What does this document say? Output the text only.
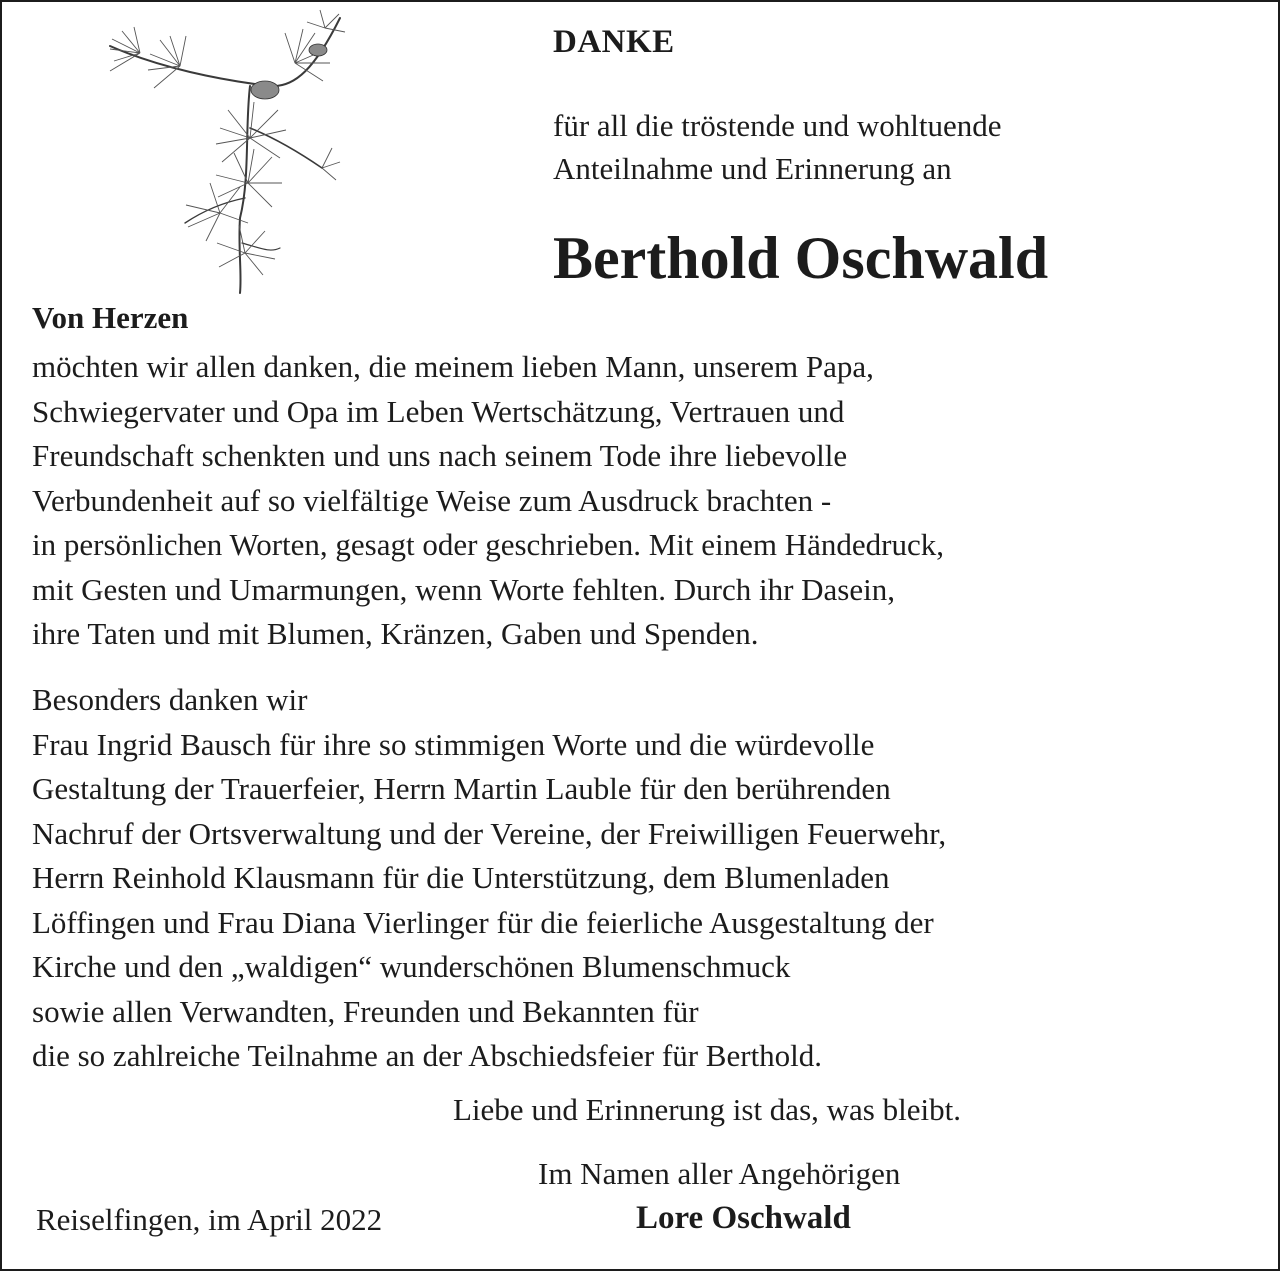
DANKE
für all die tröstende und wohltuende
Anteilnahme und Erinnerung an
Berthold Oschwald

Von Herzen

möchten wir allen danken, die meinem lieben Mann, unserem Papa,
Schwiegervater und Opa im Leben Wertschätzung, Vertrauen und
Freundschaft schenkten und uns nach seinem Tode ihre liebevolle
Verbundenheit auf so vielfältige Weise zum Ausdruck brachten -
in persönlichen Worten, gesagt oder geschrieben. Mit einem Händedruck,
mit Gesten und Umarmungen, wenn Worte fehlten. Durch ihr Dasein,
ihre Taten und mit Blumen, Kränzen, Gaben und Spenden.
Besonders danken wir
Frau Ingrid Bausch für ihre so stimmigen Worte und die würdevolle
Gestaltung der Trauerfeier, Herrn Martin Lauble für den berührenden
Nachruf der Ortsverwaltung und der Vereine, der Freiwilligen Feuerwehr,
Herrn Reinhold Klausmann für die Unterstützung, dem Blumenladen
Löffingen und Frau Diana Vierlinger für die feierliche Ausgestaltung der
Kirche und den „waldigen“ wunderschönen Blumenschmuck
sowie allen Verwandten, Freunden und Bekannten für
die so zahlreiche Teilnahme an der Abschiedsfeier für Berthold.

Liebe und Erinnerung ist das, was bleibt.

Im Namen aller Angehörigen

Reiselfingen, im April 2022	Lore Oschwald
